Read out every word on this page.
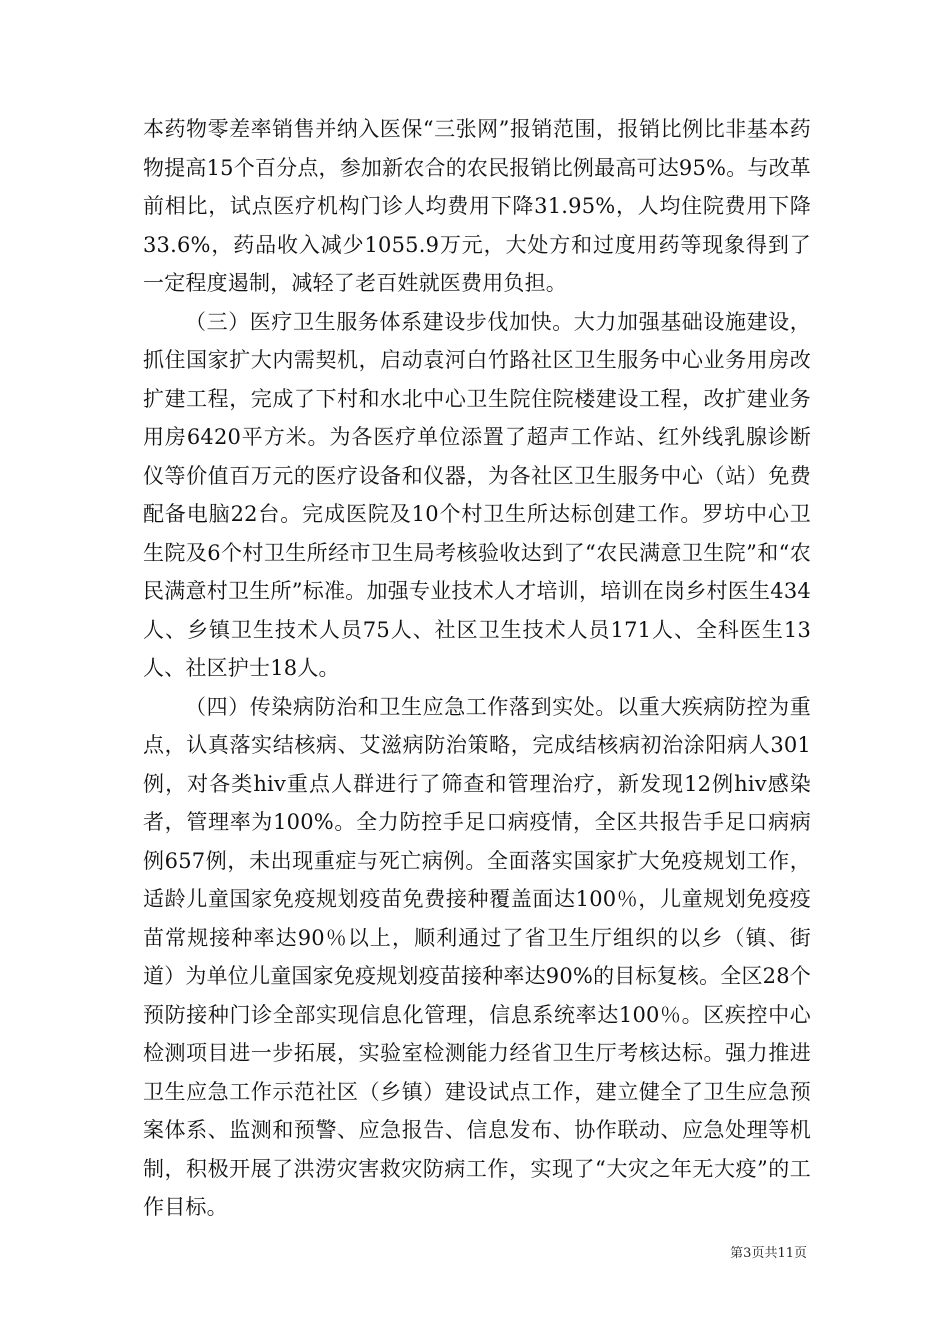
本药物零差率销售并纳入医保“三张网”报销范围，报销比例比非基本药物提高15个百分点，参加新农合的农民报销比例最高可达95%。与改革前相比，试点医疗机构门诊人均费用下降31.95%，人均住院费用下降33.6%，药品收入减少1055.9万元，大处方和过度用药等现象得到了一定程度遏制，减轻了老百姓就医费用负担。

（三）医疗卫生服务体系建设步伐加快。大力加强基础设施建设，抓住国家扩大内需契机，启动袁河白竹路社区卫生服务中心业务用房改扩建工程，完成了下村和水北中心卫生院住院楼建设工程，改扩建业务用房6420平方米。为各医疗单位添置了超声工作站、红外线乳腺诊断仪等价值百万元的医疗设备和仪器，为各社区卫生服务中心（站）免费配备电脑22台。完成医院及10个村卫生所达标创建工作。罗坊中心卫生院及6个村卫生所经市卫生局考核验收达到了“农民满意卫生院”和“农民满意村卫生所”标准。加强专业技术人才培训，培训在岗乡村医生434人、乡镇卫生技术人员75人、社区卫生技术人员171人、全科医生13人、社区护士18人。

（四）传染病防治和卫生应急工作落到实处。以重大疾病防控为重点，认真落实结核病、艾滋病防治策略，完成结核病初治涂阳病人301例，对各类hiv重点人群进行了筛查和管理治疗，新发现12例hiv感染者，管理率为100%。全力防控手足口病疫情，全区共报告手足口病病例657例，未出现重症与死亡病例。全面落实国家扩大免疫规划工作，适龄儿童国家免疫规划疫苗免费接种覆盖面达100％，儿童规划免疫疫苗常规接种率达90％以上，顺利通过了省卫生厅组织的以乡（镇、街道）为单位儿童国家免疫规划疫苗接种率达90%的目标复核。全区28个预防接种门诊全部实现信息化管理，信息系统率达100％。区疾控中心检测项目进一步拓展，实验室检测能力经省卫生厅考核达标。强力推进卫生应急工作示范社区（乡镇）建设试点工作，建立健全了卫生应急预案体系、监测和预警、应急报告、信息发布、协作联动、应急处理等机制，积极开展了洪涝灾害救灾防病工作，实现了“大灾之年无大疫”的工作目标。

第3页共11页
